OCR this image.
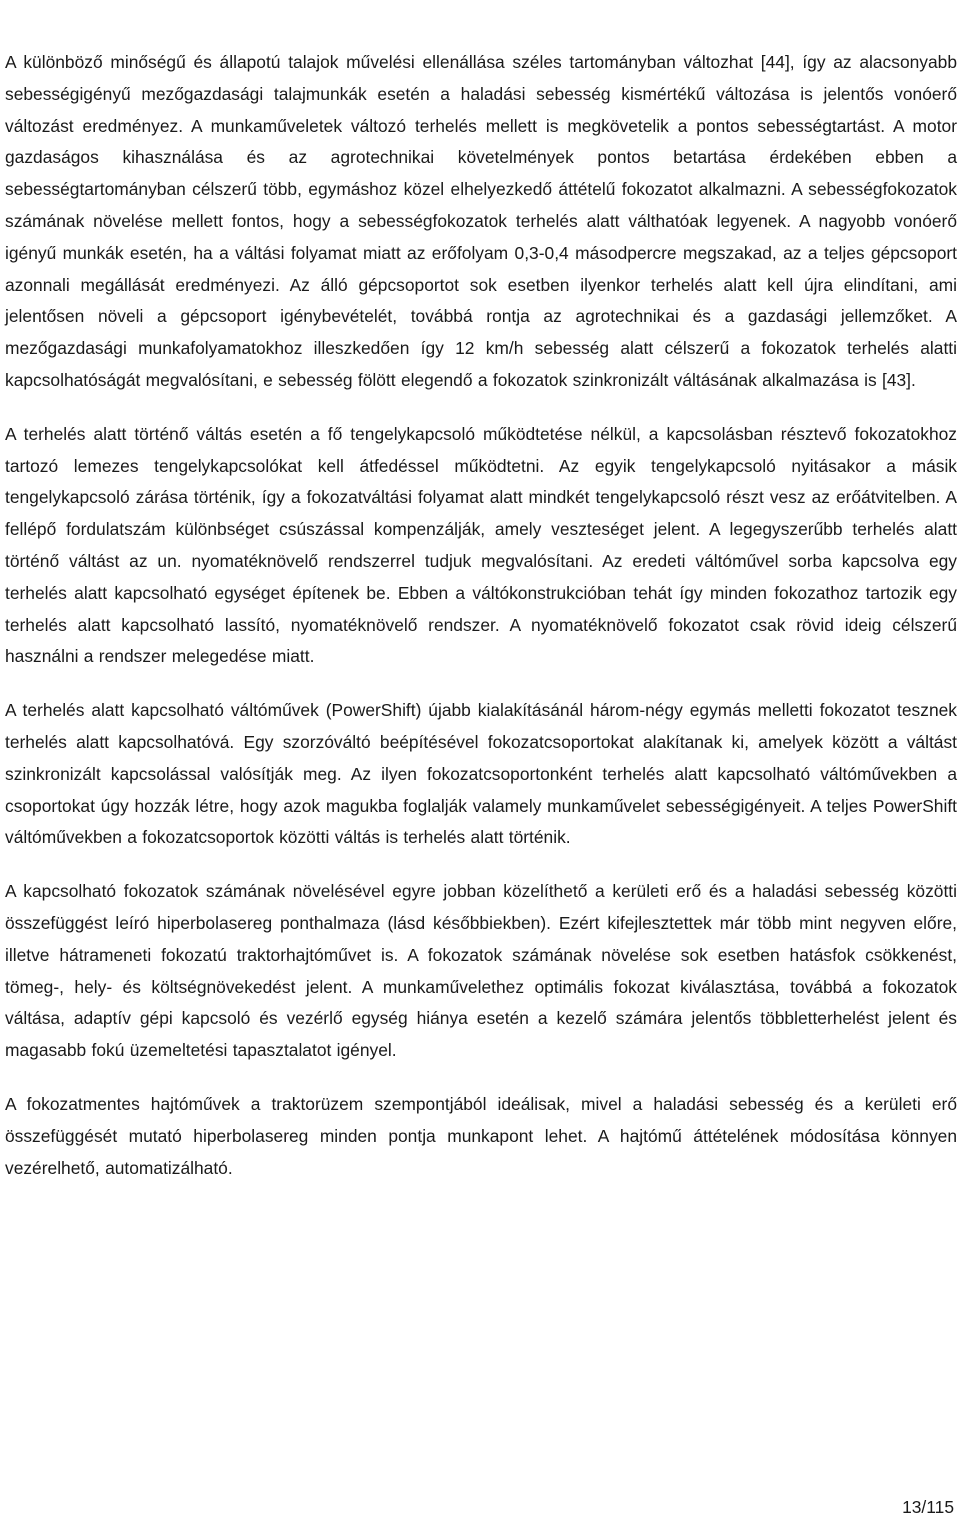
A különböző minőségű és állapotú talajok művelési ellenállása széles tartományban változhat [44], így az alacsonyabb sebességigényű mezőgazdasági talajmunkák esetén a haladási sebesség kismértékű változása is jelentős vonóerő változást eredményez. A munkaműveletek változó terhelés mellett is megkövetelik a pontos sebességtartást. A motor gazdaságos kihasználása és az agrotechnikai követelmények pontos betartása érdekében ebben a sebességtartományban célszerű több, egymáshoz közel elhelyezkedő áttételű fokozatot alkalmazni. A sebességfokozatok számának növelése mellett fontos, hogy a sebességfokozatok terhelés alatt válthatóak legyenek. A nagyobb vonóerő igényű munkák esetén, ha a váltási folyamat miatt az erőfolyam 0,3-0,4 másodpercre megszakad, az a teljes gépcsoport azonnali megállását eredményezi. Az álló gépcsoportot sok esetben ilyenkor terhelés alatt kell újra elindítani, ami jelentősen növeli a gépcsoport igénybevételét, továbbá rontja az agrotechnikai és a gazdasági jellemzőket. A mezőgazdasági munkafolyamatokhoz illeszkedően így 12 km/h sebesség alatt célszerű a fokozatok terhelés alatti kapcsolhatóságát megvalósítani, e sebesség fölött elegendő a fokozatok szinkronizált váltásának alkalmazása is [43].

A terhelés alatt történő váltás esetén a fő tengelykapcsoló működtetése nélkül, a kapcsolásban résztevő fokozatokhoz tartozó lemezes tengelykapcsolókat kell átfedéssel működtetni. Az egyik tengelykapcsoló nyitásakor a másik tengelykapcsoló zárása történik, így a fokozatváltási folyamat alatt mindkét tengelykapcsoló részt vesz az erőátvitelben. A fellépő fordulatszám különbséget csúszással kompenzálják, amely veszteséget jelent. A legegyszerűbb terhelés alatt történő váltást az un. nyomatéknövelő rendszerrel tudjuk megvalósítani. Az eredeti váltóművel sorba kapcsolva egy terhelés alatt kapcsolható egységet építenek be. Ebben a váltókonstrukcióban tehát így minden fokozathoz tartozik egy terhelés alatt kapcsolható lassító, nyomatéknövelő rendszer. A nyomatéknövelő fokozatot csak rövid ideig célszerű használni a rendszer melegedése miatt.

A terhelés alatt kapcsolható váltóművek (PowerShift) újabb kialakításánál három-négy egymás melletti fokozatot tesznek terhelés alatt kapcsolhatóvá. Egy szorzóváltó beépítésével fokozatcsoportokat alakítanak ki, amelyek között a váltást szinkronizált kapcsolással valósítják meg. Az ilyen fokozatcsoportonként terhelés alatt kapcsolható váltóművekben a csoportokat úgy hozzák létre, hogy azok magukba foglalják valamely munkaművelet sebességigényeit. A teljes PowerShift váltóművekben a fokozatcsoportok közötti váltás is terhelés alatt történik.

A kapcsolható fokozatok számának növelésével egyre jobban közelíthető a kerületi erő és a haladási sebesség közötti összefüggést leíró hiperbolasereg ponthalmaza (lásd későbbiekben). Ezért kifejlesztettek már több mint negyven előre, illetve hátrameneti fokozatú traktorhajtóművet is. A fokozatok számának növelése sok esetben hatásfok csökkenést, tömeg-, hely- és költségnövekedést jelent. A munkaművelethez optimális fokozat kiválasztása, továbbá a fokozatok váltása, adaptív gépi kapcsoló és vezérlő egység hiánya esetén a kezelő számára jelentős többletterhelést jelent és magasabb fokú üzemeltetési tapasztalatot igényel.

A fokozatmentes hajtóművek a traktorüzem szempontjából ideálisak, mivel a haladási sebesség és a kerületi erő összefüggését mutató hiperbolasereg minden pontja munkapont lehet. A hajtómű áttételének módosítása könnyen vezérelhető, automatizálható.

13/115
